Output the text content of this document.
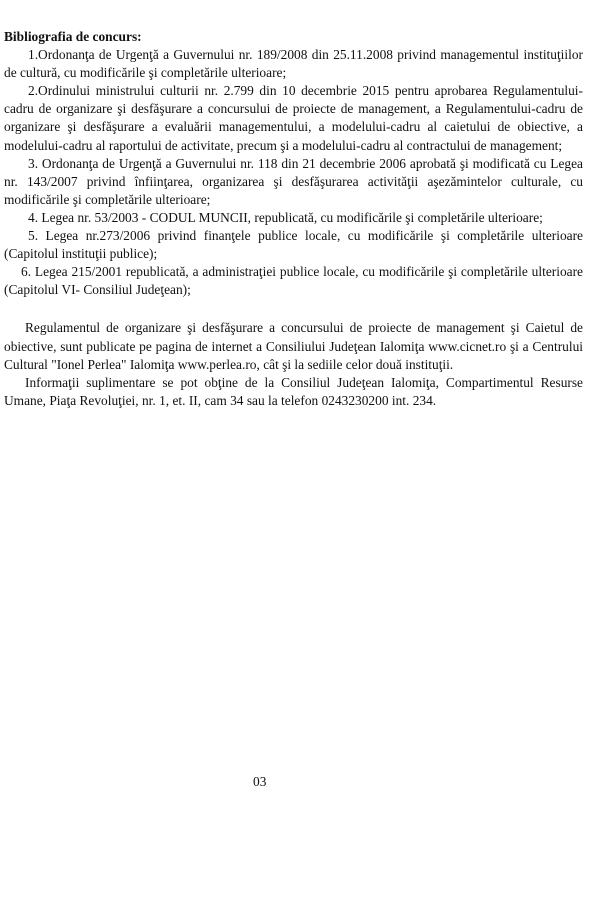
Bibliografia de concurs:

1.Ordonanţa de Urgenţă a Guvernului nr. 189/2008 din 25.11.2008 privind managementul instituţiilor de cultură, cu modificările şi completările ulterioare;

2.Ordinului ministrului culturii nr. 2.799 din 10 decembrie 2015 pentru aprobarea Regulamentului-cadru de organizare şi desfăşurare a concursului de proiecte de management, a Regulamentului-cadru de organizare şi desfăşurare a evaluării managementului, a modelului-cadru al caietului de obiective, a modelului-cadru al raportului de activitate, precum şi a modelului-cadru al contractului de management;

3. Ordonanţa de Urgenţă a Guvernului nr. 118 din 21 decembrie 2006 aprobată şi modificată cu Legea nr. 143/2007 privind înfiinţarea, organizarea şi desfăşurarea activităţii aşezămintelor culturale, cu modificările şi completările ulterioare;

4. Legea nr. 53/2003 - CODUL MUNCII, republicată, cu modificările şi completările ulterioare;

5. Legea nr.273/2006 privind finanţele publice locale, cu modificările şi completările ulterioare (Capitolul instituţii publice);

6. Legea 215/2001 republicată, a administraţiei publice locale, cu modificările şi completările ulterioare (Capitolul VI- Consiliul Judeţean);

Regulamentul de organizare şi desfăşurare a concursului de proiecte de management şi Caietul de obiective, sunt publicate pe pagina de internet a Consiliului Judeţean Ialomiţa www.cicnet.ro şi a Centrului Cultural "Ionel Perlea" Ialomiţa www.perlea.ro, cât şi la sediile celor două instituţii.

Informaţii suplimentare se pot obţine de la Consiliul Judeţean Ialomiţa, Compartimentul Resurse Umane, Piaţa Revoluţiei, nr. 1, et. II, cam 34 sau la telefon 0243230200 int. 234.

03
